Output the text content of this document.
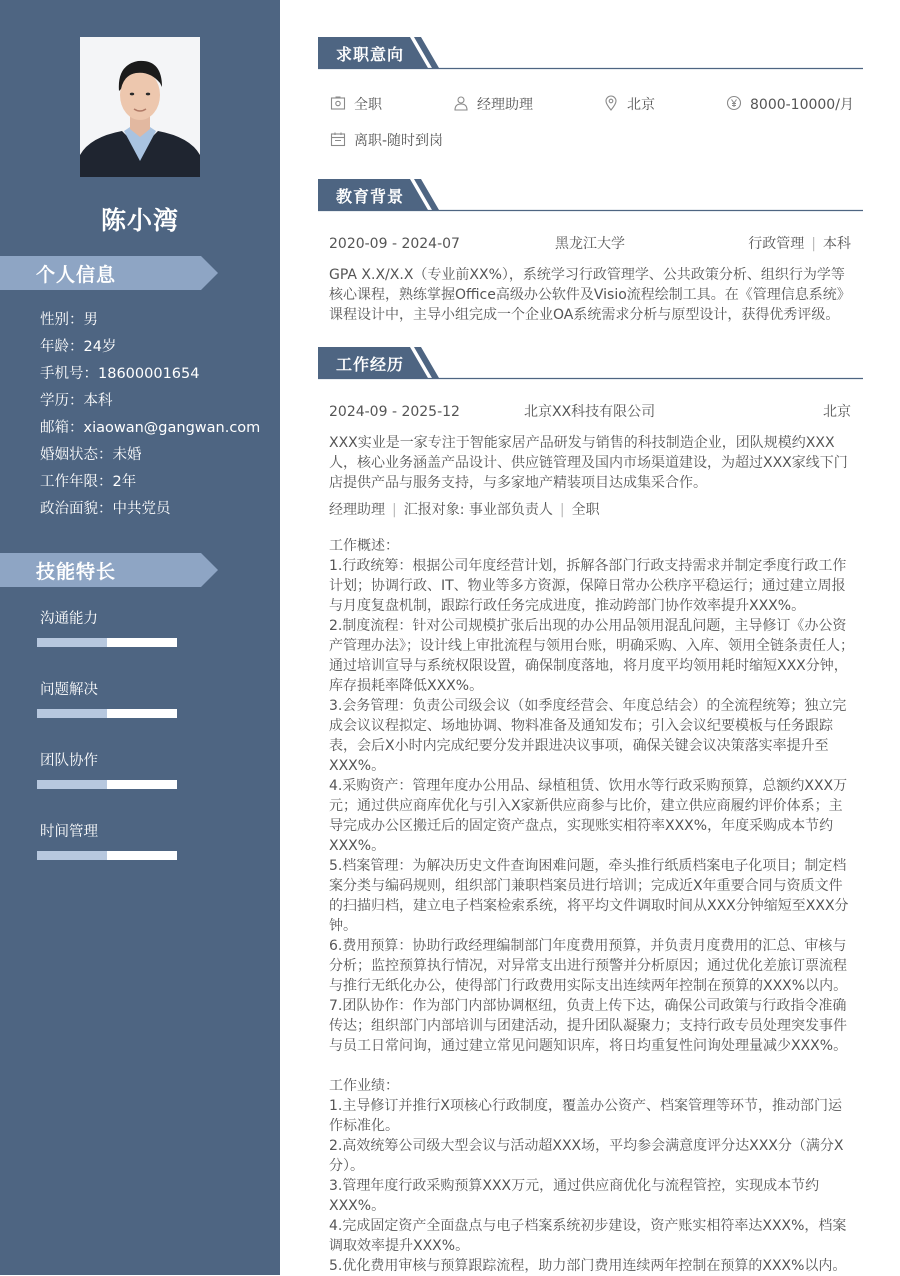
陈小湾
个人信息
性别：男
年龄：24岁
手机号：18600001654
学历：本科
邮箱：xiaowan@gangwan.com
婚姻状态：未婚
工作年限：2年
政治面貌：中共党员
技能特长
沟通能力
问题解决
团队协作
时间管理
求职意向
全职	经理助理	北京	8000-10000/月
离职-随时到岗
教育背景
2020-09 - 2024-07	黑龙江大学	行政管理 | 本科

GPA X.X/X.X（专业前XX%），系统学习行政管理学、公共政策分析、组织行为学等核心课程，熟练掌握Office高级办公软件及Visio流程绘制工具。在《管理信息系统》课程设计中，主导小组完成一个企业OA系统需求分析与原型设计，获得优秀评级。

工作经历
2024-09 - 2025-12	北京XX科技有限公司	北京

XXX实业是一家专注于智能家居产品研发与销售的科技制造企业，团队规模约XXX人，核心业务涵盖产品设计、供应链管理及国内市场渠道建设，为超过XXX家线下门店提供产品与服务支持，与多家地产精装项目达成集采合作。

经理助理 | 汇报对象: 事业部负责人 | 全职

工作概述：

1.行政统筹：根据公司年度经营计划，拆解各部门行政支持需求并制定季度行政工作计划；协调行政、IT、物业等多方资源，保障日常办公秩序平稳运行；通过建立周报与月度复盘机制，跟踪行政任务完成进度，推动跨部门协作效率提升XXX%。

2.制度流程：针对公司规模扩张后出现的办公用品领用混乱问题，主导修订《办公资产管理办法》；设计线上审批流程与领用台账，明确采购、入库、领用全链条责任人；通过培训宣导与系统权限设置，确保制度落地，将月度平均领用耗时缩短XXX分钟，库存损耗率降低XXX%。

3.会务管理：负责公司级会议（如季度经营会、年度总结会）的全流程统筹；独立完成会议议程拟定、场地协调、物料准备及通知发布；引入会议纪要模板与任务跟踪表，会后X小时内完成纪要分发并跟进决议事项，确保关键会议决策落实率提升至XXX%。

4.采购资产：管理年度办公用品、绿植租赁、饮用水等行政采购预算，总额约XXX万元；通过供应商库优化与引入X家新供应商参与比价，建立供应商履约评价体系；主导完成办公区搬迁后的固定资产盘点，实现账实相符率XXX%，年度采购成本节约XXX%。

5.档案管理：为解决历史文件查询困难问题，牵头推行纸质档案电子化项目；制定档案分类与编码规则，组织部门兼职档案员进行培训；完成近X年重要合同与资质文件的扫描归档，建立电子档案检索系统，将平均文件调取时间从XXX分钟缩短至XXX分钟。

6.费用预算：协助行政经理编制部门年度费用预算，并负责月度费用的汇总、审核与分析；监控预算执行情况，对异常支出进行预警并分析原因；通过优化差旅订票流程与推行无纸化办公，使得部门行政费用实际支出连续两年控制在预算的XXX%以内。

7.团队协作：作为部门内部协调枢纽，负责上传下达，确保公司政策与行政指令准确传达；组织部门内部培训与团建活动，提升团队凝聚力；支持行政专员处理突发事件与员工日常问询，通过建立常见问题知识库，将日均重复性问询处理量减少XXX%。

工作业绩：

1.主导修订并推行X项核心行政制度，覆盖办公资产、档案管理等环节，推动部门运作标准化。

2.高效统筹公司级大型会议与活动超XXX场，平均参会满意度评分达XXX分（满分X分）。

3.管理年度行政采购预算XXX万元，通过供应商优化与流程管控，实现成本节约XXX%。

4.完成固定资产全面盘点与电子档案系统初步建设，资产账实相符率达XXX%，档案调取效率提升XXX%。

5.优化费用审核与预算跟踪流程，助力部门费用连续两年控制在预算的XXX%以内。
